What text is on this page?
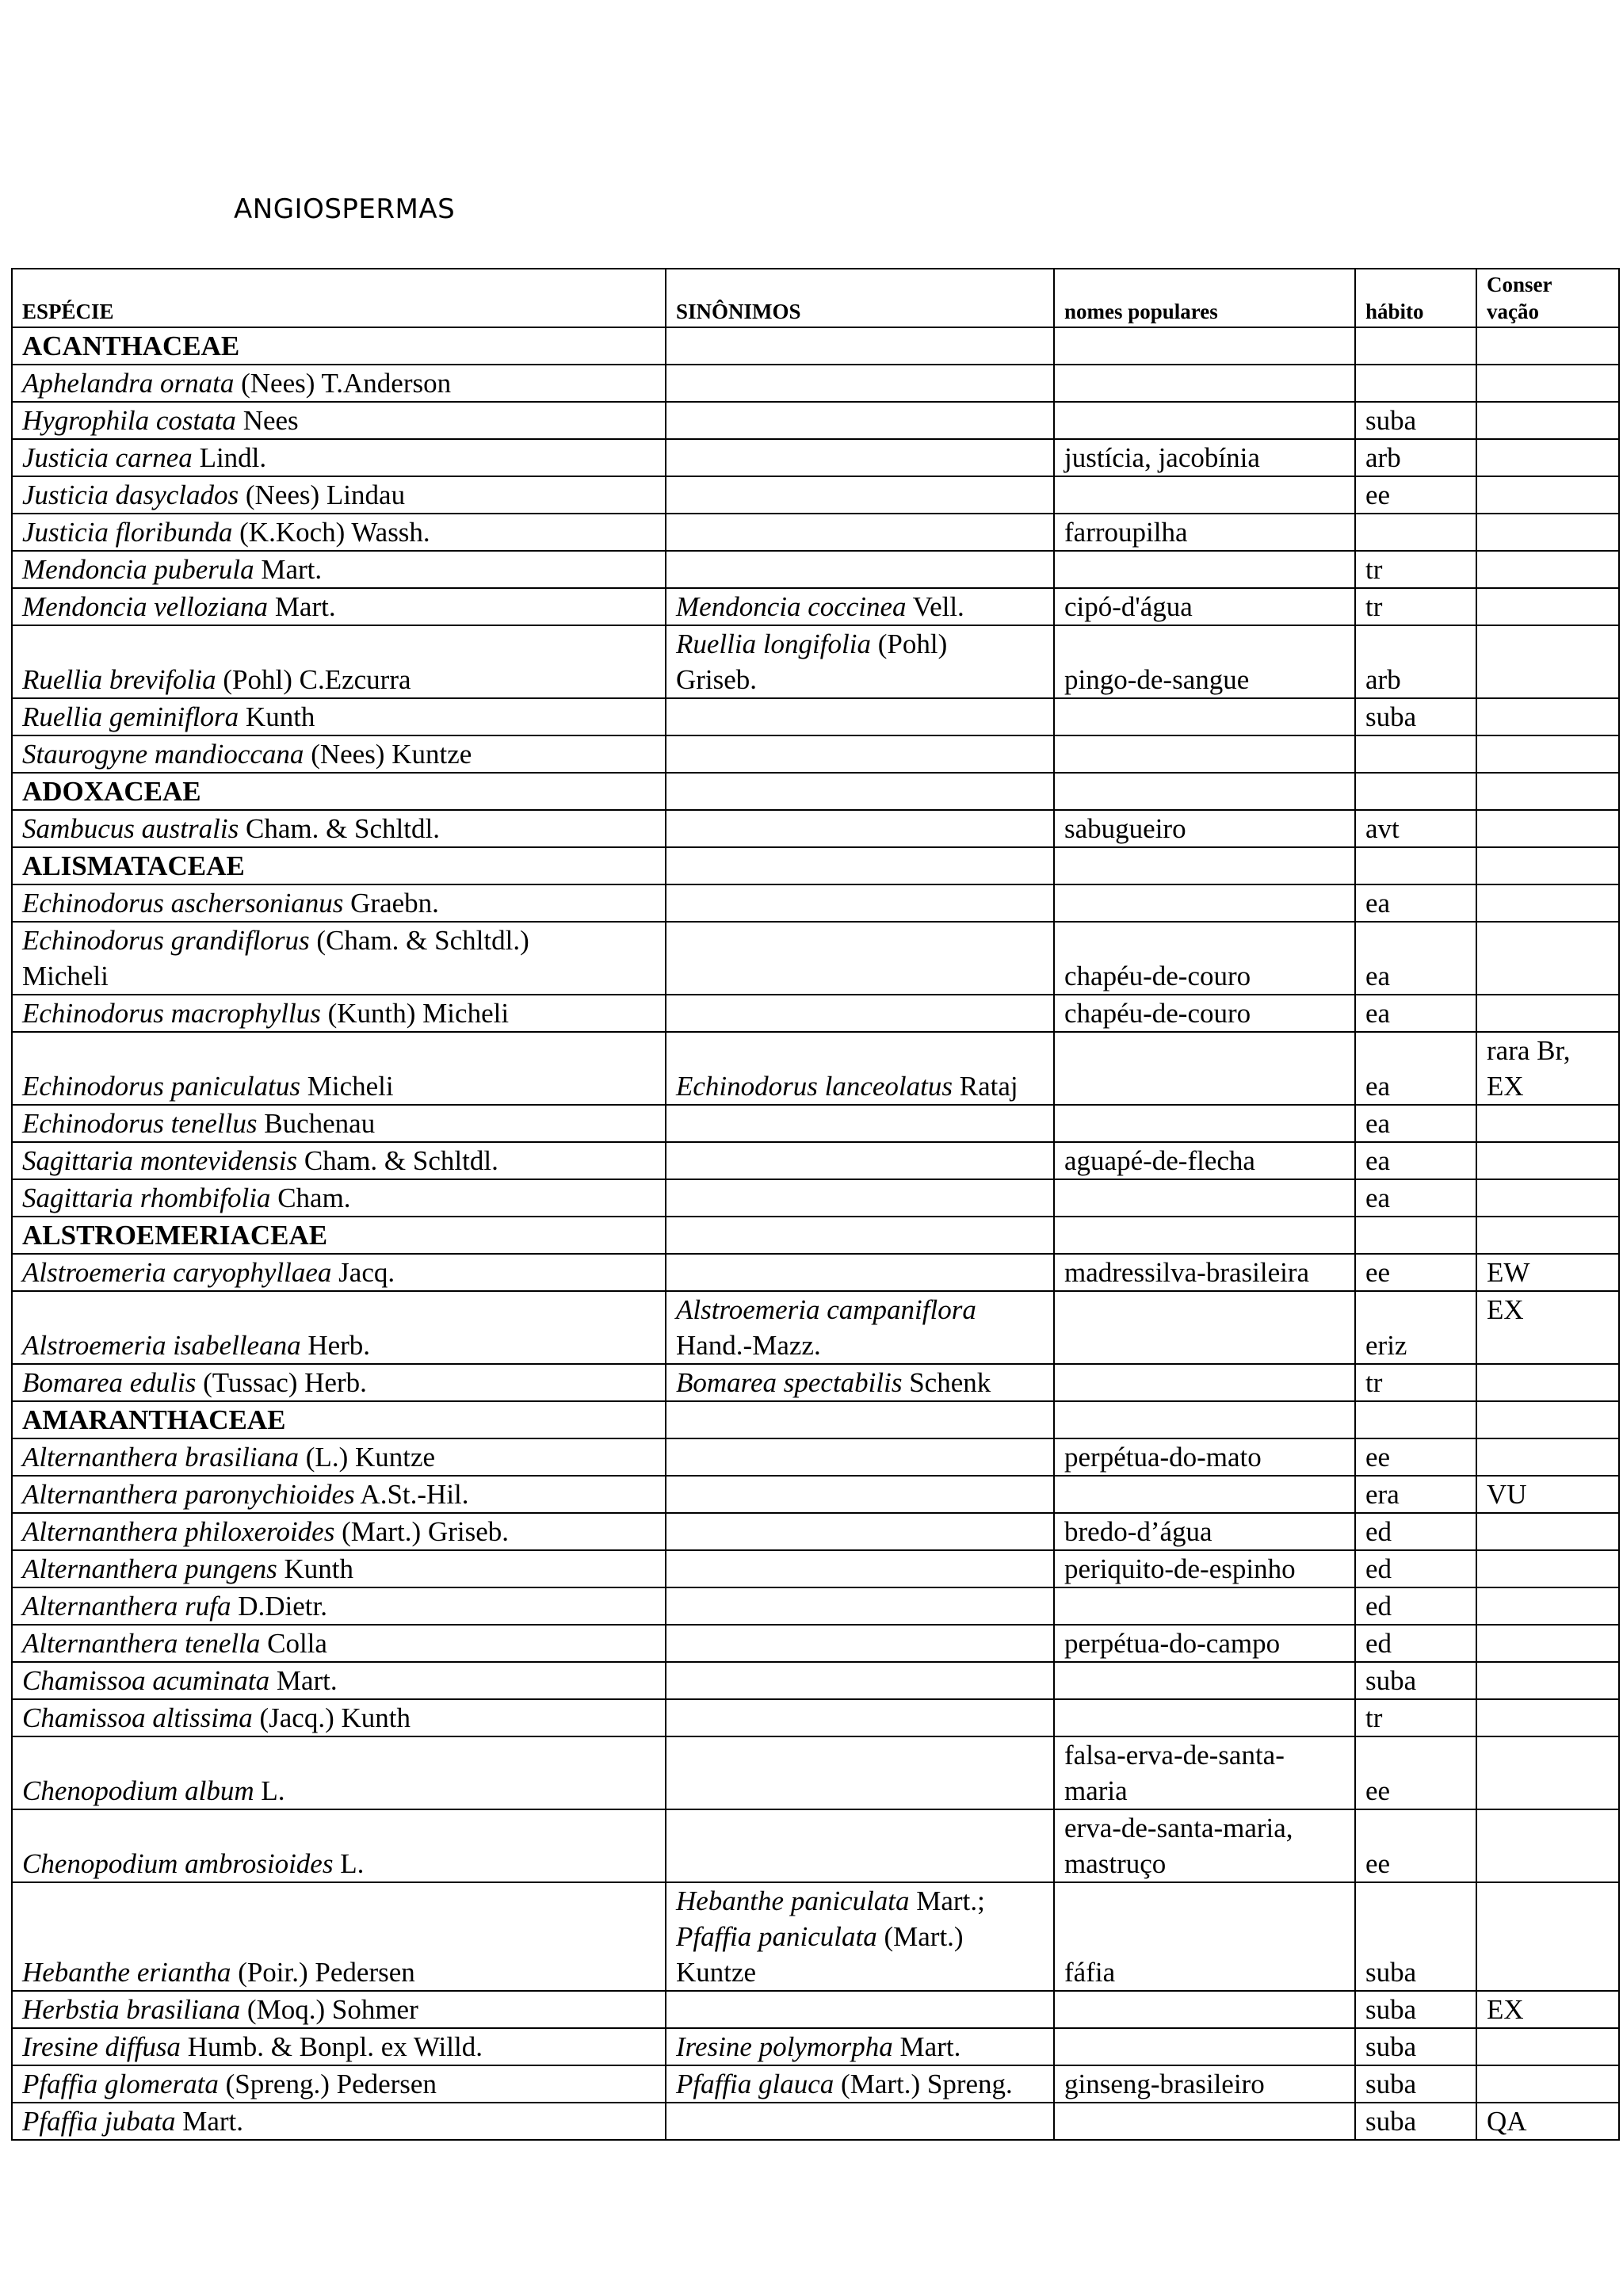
ANGIOSPERMAS
ESPÉCIE	SINÔNIMOS	nomes populares	hábito	Conser
vação
ACANTHACEAE				
Aphelandra ornata (Nees) T.Anderson				
Hygrophila costata Nees			suba	
Justicia carnea Lindl.		justícia, jacobínia	arb	
Justicia dasyclados (Nees) Lindau			ee	
Justicia floribunda (K.Koch) Wassh.		farroupilha		
Mendoncia puberula Mart.			tr	
Mendoncia velloziana Mart.	Mendoncia coccinea Vell.	cipó-d'água	tr	
Ruellia brevifolia (Pohl) C.Ezcurra	Ruellia longifolia (Pohl)
Griseb.	pingo-de-sangue	arb	
Ruellia geminiflora Kunth			suba	
Staurogyne mandioccana (Nees) Kuntze				
ADOXACEAE				
Sambucus australis Cham. & Schltdl.		sabugueiro	avt	
ALISMATACEAE				
Echinodorus aschersonianus Graebn.			ea	
Echinodorus grandiflorus (Cham. & Schltdl.)
Micheli		chapéu-de-couro	ea	
Echinodorus macrophyllus (Kunth) Micheli		chapéu-de-couro	ea	
Echinodorus paniculatus Micheli	Echinodorus lanceolatus Rataj		ea	rara Br,
EX
Echinodorus tenellus Buchenau			ea	
Sagittaria montevidensis Cham. & Schltdl.		aguapé-de-flecha	ea	
Sagittaria rhombifolia Cham.			ea	
ALSTROEMERIACEAE				
Alstroemeria caryophyllaea Jacq.		madressilva-brasileira	ee	EW
Alstroemeria isabelleana Herb.	Alstroemeria campaniflora
Hand.-Mazz.		eriz	EX
Bomarea edulis (Tussac) Herb.	Bomarea spectabilis Schenk		tr	
AMARANTHACEAE				
Alternanthera brasiliana (L.) Kuntze		perpétua-do-mato	ee	
Alternanthera paronychioides A.St.-Hil.			era	VU
Alternanthera philoxeroides (Mart.) Griseb.		bredo-d’água	ed	
Alternanthera pungens Kunth		periquito-de-espinho	ed	
Alternanthera rufa D.Dietr.			ed	
Alternanthera tenella Colla		perpétua-do-campo	ed	
Chamissoa acuminata Mart.			suba	
Chamissoa altissima (Jacq.) Kunth			tr	
Chenopodium album L.		falsa-erva-de-santa-
maria	ee	
Chenopodium ambrosioides L.		erva-de-santa-maria,
mastruço	ee	
Hebanthe eriantha (Poir.) Pedersen	Hebanthe paniculata Mart.;
Pfaffia paniculata (Mart.)
Kuntze	fáfia	suba	
Herbstia brasiliana (Moq.) Sohmer			suba	EX
Iresine diffusa Humb. & Bonpl. ex Willd.	Iresine polymorpha Mart.		suba	
Pfaffia glomerata (Spreng.) Pedersen	Pfaffia glauca (Mart.) Spreng.	ginseng-brasileiro	suba	
Pfaffia jubata Mart.			suba	QA
